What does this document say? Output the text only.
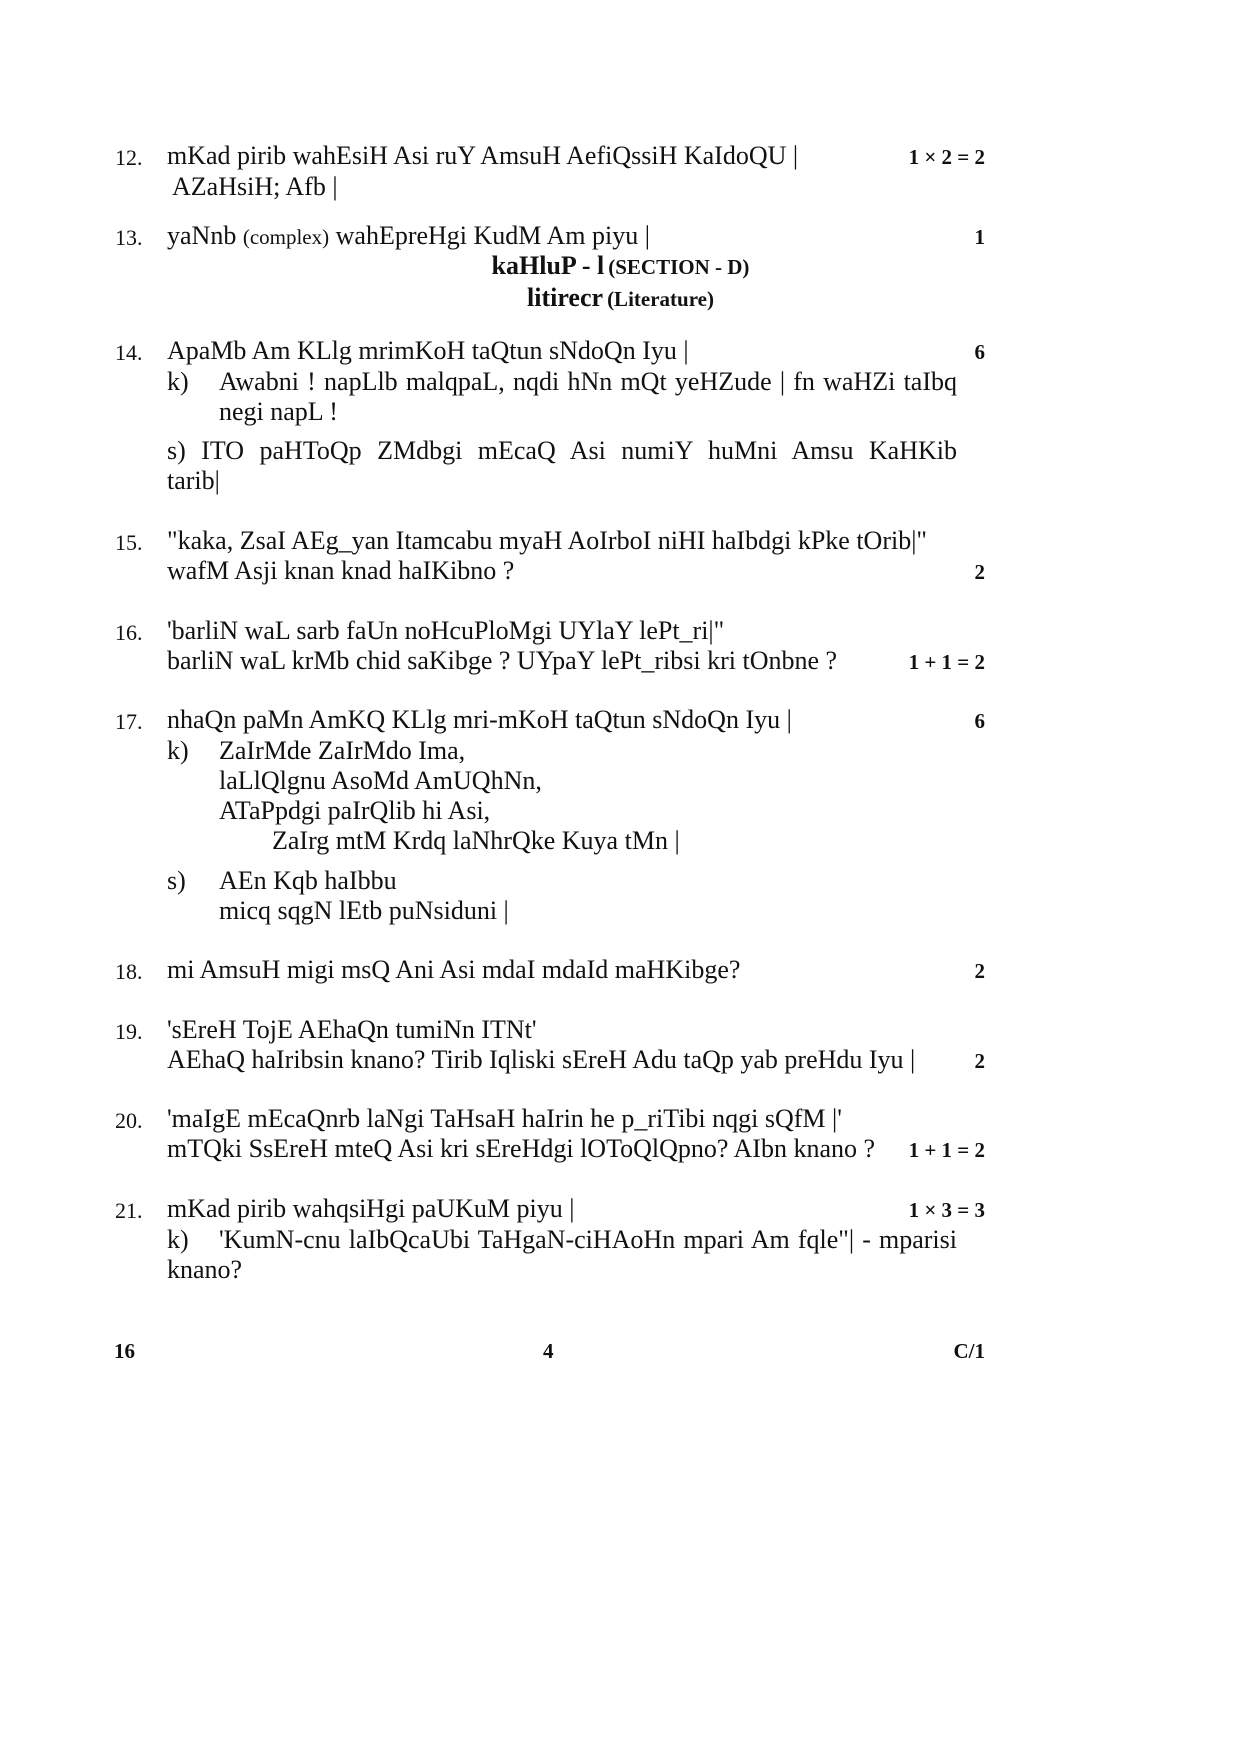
12. mKad pirib wahEsiH Asi ruY AmsuH AefiQssiH KaIdoQU |
AZaHsiH; Afb |
1 × 2 = 2
13. yaNnb (complex) wahEpreHgi KudM Am piyu |	1
kaHluP - l (SECTION - D)
litirecr (Literature)
14. ApaMb Am KLlg mrimKoH taQtun sNdoQn Iyu |	6
k) Awabni ! napLlb malqpaL, nqdi hNn mQt yeHZude | fn waHZi taIbq
negi napL !
s) ITO paHToQp ZMdbgi mEcaQ Asi numiY huMni Amsu KaHKib
tarib|
15. "kaka, ZsaI AEg_yan Itamcabu myaH AoIrboI niHI haIbdgi kPke tOrib|"
wafM Asji knan knad haIKibno ?	2
16. 'barliN waL sarb faUn noHcuPloMgi UYlaY lePt_ri|"
barliN waL krMb chid saKibge ? UYpaY lePt_ribsi kri tOnbne ?	1 + 1 = 2
17. nhaQn paMn AmKQ KLlg mri-mKoH taQtun sNdoQn Iyu |	6
k) ZaIrMde ZaIrMdo Ima,
laLlQlgnu AsoMd AmUQhNn,
ATaPpdgi paIrQlib hi Asi,
ZaIrg mtM Krdq laNhrQke Kuya tMn |
s) AEn Kqb haIbbu
micq sqgN lEtb puNsiduni |
18. mi AmsuH migi msQ Ani Asi mdaI mdaId maHKibge?	2
19. 'sEreH TojE AEhaQn tumiNn ITNt'
AEhaQ haIribsin knano? Tirib Iqliski sEreH Adu taQp yab preHdu Iyu |	2
20. 'maIgE mEcaQnrb laNgi TaHsaH haIrin he p_riTibi nqgi sQfM |'
mTQki SsEreH mteQ Asi kri sEreHdgi lOToQlQpno? AIbn knano ? 1 + 1 = 2
21. mKad pirib wahqsiHgi paUKuM piyu |	1 × 3 = 3
k) 'KumN-cnu laIbQcaUbi TaHgaN-ciHAoHn mpari Am fqle"| - mparisi
knano?
16	4	C/1
